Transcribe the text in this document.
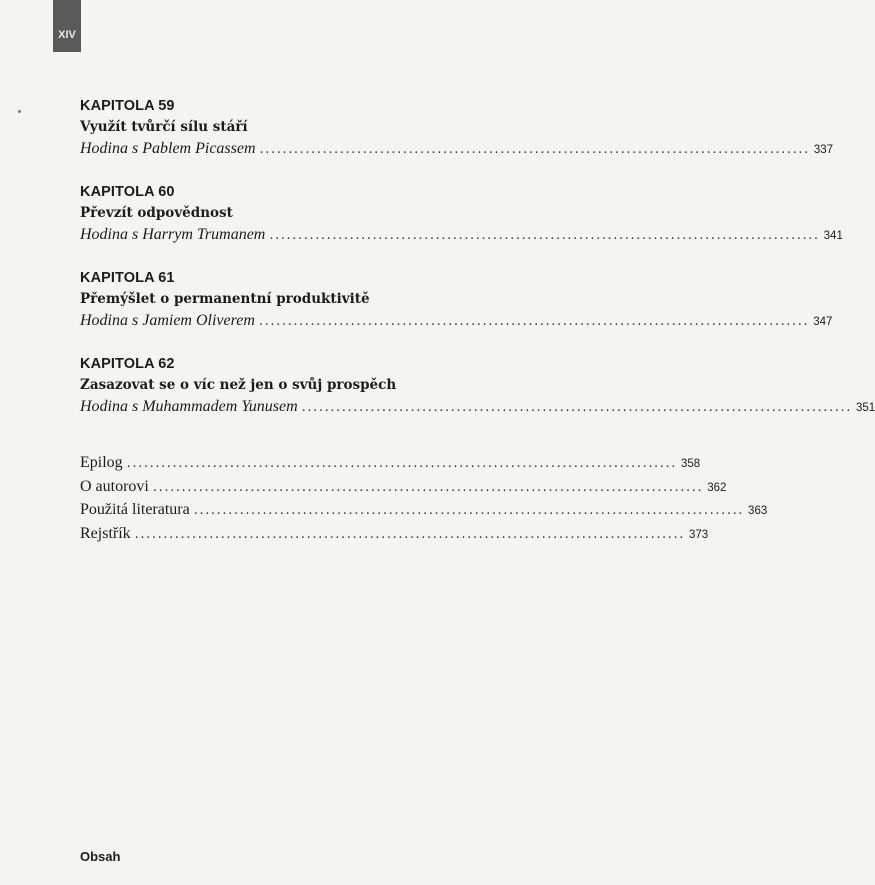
XIV
KAPITOLA 59
Využít tvůrčí sílu stáří
Hodina s Pablem Picassem ................................................................................................ 337
KAPITOLA 60
Převzít odpovědnost
Hodina s Harrym Trumanem ................................................................................................ 341
KAPITOLA 61
Přemýšlet o permanentní produktivitě
Hodina s Jamiem Oliverem ................................................................................................ 347
KAPITOLA 62
Zasazovat se o víc než jen o svůj prospěch
Hodina s Muhammadem Yunusem ................................................................................................ 351
Epilog ................................................................................................ 358
O autorovi ................................................................................................ 362
Použitá literatura ................................................................................................ 363
Rejstřík ................................................................................................ 373
Obsah
